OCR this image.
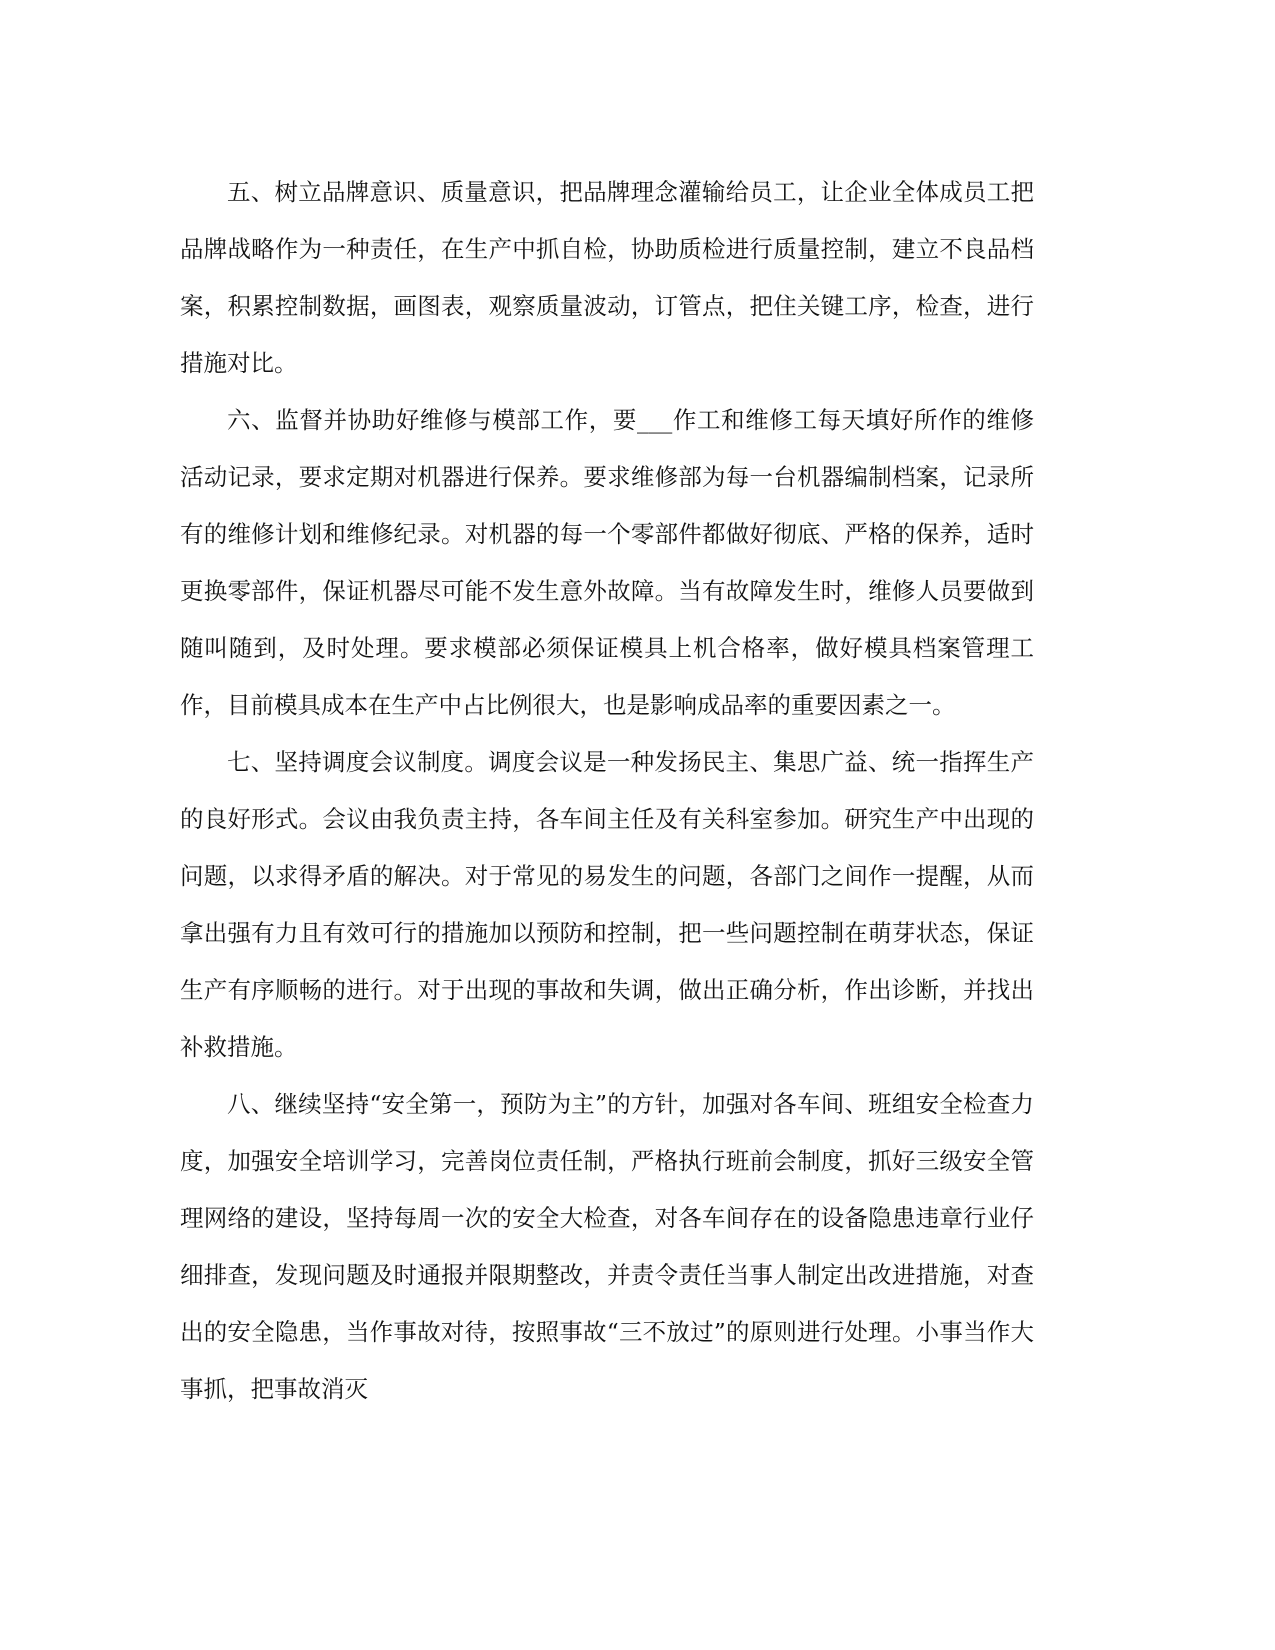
五、树立品牌意识、质量意识，把品牌理念灌输给员工，让企业全体成员工把品牌战略作为一种责任，在生产中抓自检，协助质检进行质量控制，建立不良品档案，积累控制数据，画图表，观察质量波动，订管点，把住关键工序，检查，进行措施对比。

六、监督并协助好维修与模部工作，要___作工和维修工每天填好所作的维修活动记录，要求定期对机器进行保养。要求维修部为每一台机器编制档案，记录所有的维修计划和维修纪录。对机器的每一个零部件都做好彻底、严格的保养，适时更换零部件，保证机器尽可能不发生意外故障。当有故障发生时，维修人员要做到随叫随到，及时处理。要求模部必须保证模具上机合格率，做好模具档案管理工作，目前模具成本在生产中占比例很大，也是影响成品率的重要因素之一。

七、坚持调度会议制度。调度会议是一种发扬民主、集思广益、统一指挥生产的良好形式。会议由我负责主持，各车间主任及有关科室参加。研究生产中出现的问题，以求得矛盾的解决。对于常见的易发生的问题，各部门之间作一提醒，从而拿出强有力且有效可行的措施加以预防和控制，把一些问题控制在萌芽状态，保证生产有序顺畅的进行。对于出现的事故和失调，做出正确分析，作出诊断，并找出补救措施。

八、继续坚持“安全第一，预防为主”的方针，加强对各车间、班组安全检查力度，加强安全培训学习，完善岗位责任制，严格执行班前会制度，抓好三级安全管理网络的建设，坚持每周一次的安全大检查，对各车间存在的设备隐患违章行业仔细排查，发现问题及时通报并限期整改，并责令责任当事人制定出改进措施，对查出的安全隐患，当作事故对待，按照事故“三不放过”的原则进行处理。小事当作大事抓，把事故消灭
